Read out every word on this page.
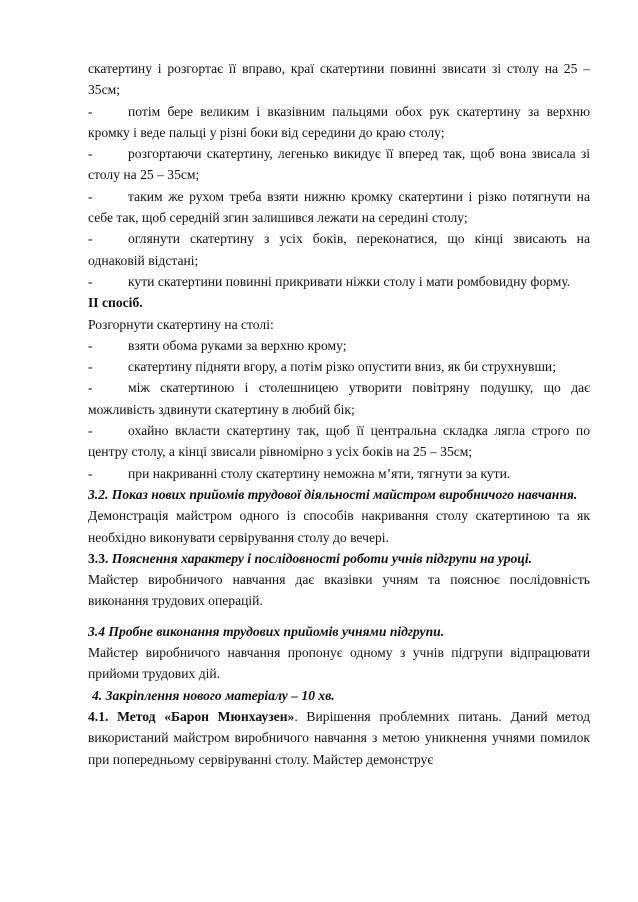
скатертину і розгортає її вправо, краї скатертини повинні звисати зі столу на 25 – 35см;

-	потім бере великим і вказівним пальцями обох рук скатертину за верхню кромку і веде пальці у різні боки від середини до краю столу;

-	розгортаючи скатертину, легенько викидує її вперед так, щоб вона звисала зі столу на 25 – 35см;

-	таким же рухом треба взяти нижню кромку скатертини і різко потягнути на себе так, щоб середній згин залишився лежати на середині столу;

-	оглянути скатертину з усіх боків, переконатися, що кінці звисають на однаковій відстані;

-	кути скатертини повинні прикривати ніжки столу і мати ромбовидну форму.

ІІ спосіб.

Розгорнути скатертину на столі:

-	взяти обома руками за верхню крому;

-	скатертину підняти вгору, а потім різко опустити вниз, як би струхнувши;

-	між скатертиною і столешницею утворити повітряну подушку, що дає можливість здвинути скатертину в любий бік;

-	охайно вкласти скатертину так, щоб її центральна складка лягла строго по центру столу, а кінці звисали рівномірно з усіх боків на 25 – 35см;

-	при накриванні столу скатертину неможна м’яти, тягнути за кути.

3.2. Показ нових прийомів трудової діяльності майстром виробничого навчання.

Демонстрація майстром одного із способів накривання столу скатертиною та як необхідно виконувати сервірування столу до вечері.

3.3. Пояснення характеру і послідовності роботи учнів підгрупи на уроці.

Майстер виробничого навчання дає вказівки учням та пояснює послідовність виконання трудових операцій.

3.4 Пробне виконання трудових прийомів учнями підгрупи.

Майстер виробничого навчання пропонує одному з учнів підгрупи відпрацювати прийоми трудових дій.

4. Закріплення нового матеріалу – 10 хв.

4.1. Метод «Барон Мюнхаузен». Вирішення проблемних питань. Даний метод використаний майстром виробничого навчання з метою уникнення учнями помилок при попередньому сервіруванні столу. Майстер демонструє
